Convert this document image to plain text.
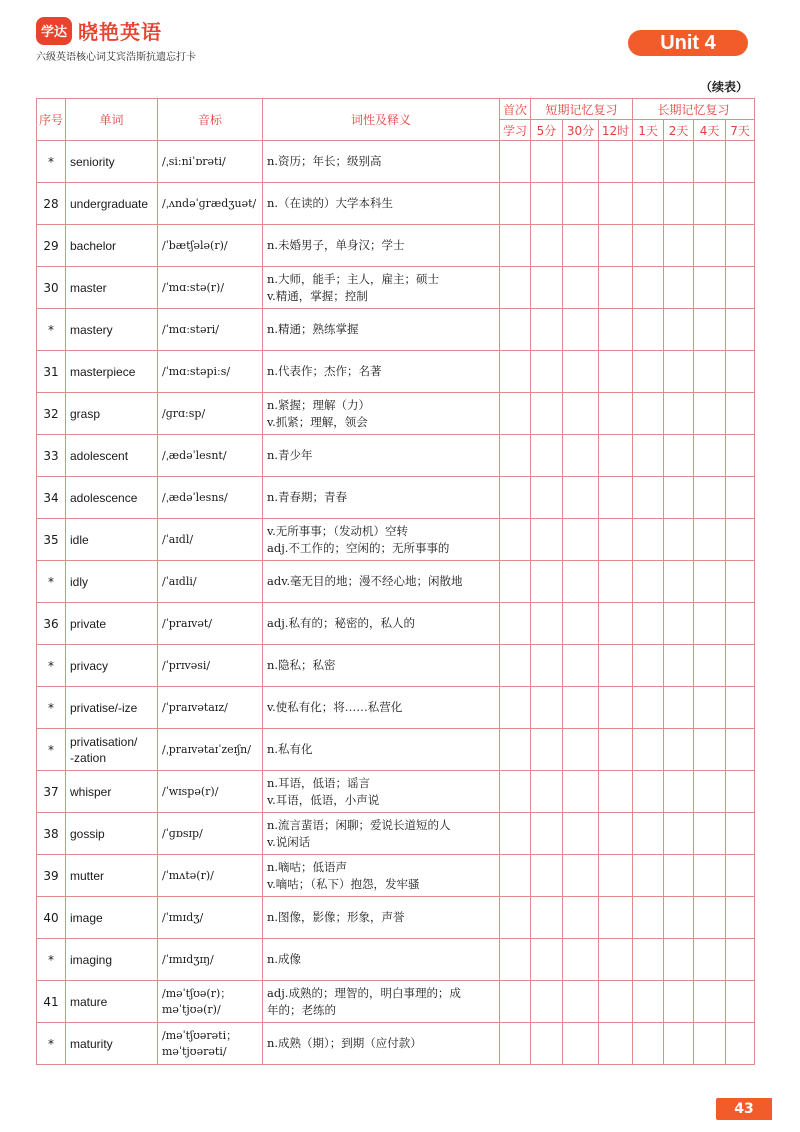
学达 晓艳英语
六级英语核心词艾宾浩斯抗遗忘打卡
Unit 4
（续表）
序号	单词	音标	词性及释义	首次	短期记忆复习			长期记忆复习			
				学习	5分	30分	12时	1天	2天	4天	7天
*	seniority	/ˌsiːniˈɒrəti/	n.资历；年长；级别高								

28	undergraduate	/ˌʌndəˈɡrædʒuət/	n.（在读的）大学本科生								

29	bachelor	/ˈbætʃələ(r)/	n.未婚男子，单身汉；学士								

30	master	/ˈmɑːstə(r)/	n.大师，能手；主人，雇主；硕士
v.精通，掌握；控制								

*	mastery	/ˈmɑːstəri/	n.精通；熟练掌握								

31	masterpiece	/ˈmɑːstəpiːs/	n.代表作；杰作；名著								

32	grasp	/ɡrɑːsp/	n.紧握；理解（力）
v.抓紧；理解，领会								

33	adolescent	/ˌædəˈlesnt/	n.青少年								

34	adolescence	/ˌædəˈlesns/	n.青春期；青春								

35	idle	/ˈaɪdl/	v.无所事事；（发动机）空转
adj.不工作的；空闲的；无所事事的								

*	idly	/ˈaɪdli/	adv.毫无目的地；漫不经心地；闲散地								

36	private	/ˈpraɪvət/	adj.私有的；秘密的，私人的								

*	privacy	/ˈprɪvəsi/	n.隐私；私密								

*	privatise/-ize	/ˈpraɪvətaɪz/	v.使私有化；将……私营化								

*	privatisation/
-zation	/ˌpraɪvətaɪˈzeɪʃn/	n.私有化								

37	whisper	/ˈwɪspə(r)/	n.耳语，低语；谣言
v.耳语，低语，小声说								

38	gossip	/ˈɡɒsɪp/	n.流言蜚语；闲聊；爱说长道短的人
v.说闲话								

39	mutter	/ˈmʌtə(r)/	n.嘀咕；低语声
v.嘀咕；（私下）抱怨，发牢骚								

40	image	/ˈɪmɪdʒ/	n.图像，影像；形象，声誉								

*	imaging	/ˈɪmɪdʒɪŋ/	n.成像								

41	mature	/məˈtʃʊə(r)；
məˈtjʊə(r)/	adj.成熟的；理智的，明白事理的；成
年的；老练的								

*	maturity	/məˈtʃʊərəti；
məˈtjʊərəti/	n.成熟（期）；到期（应付款）								

43
